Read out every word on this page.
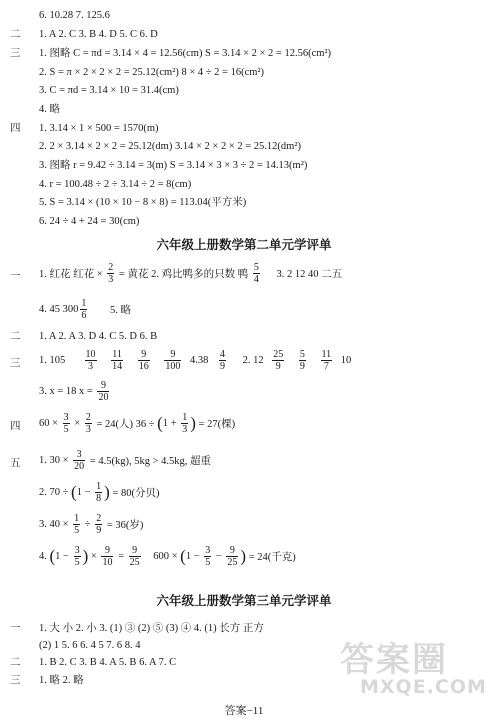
6. 10.28 7. 125.6
二 1. A 2. C 3. B 4. D 5. C 6. D
三 1. 图略 C = πd = 3.14 × 4 = 12.56(cm) S = 3.14 × 2 × 2 = 12.56(cm²)
2. S = π × 2 × 2 × 2 = 25.12(cm²) 8 × 4 ÷ 2 = 16(cm²)
3. C = πd = 3.14 × 10 = 31.4(cm)
4. 略
四 1. 3.14 × 1 × 500 = 1570(m)
2. 2 × 3.14 × 2 × 2 = 25.12(dm) 3.14 × 2 × 2 × 2 = 25.12(dm²)
3. 图略 r = 9.42 ÷ 3.14 = 3(m) S = 3.14 × 3 × 3 ÷ 2 = 14.13(m²)
4. r = 100.48 ÷ 2 ÷ 3.14 ÷ 2 = 8(cm)
5. S = 3.14 × (10 × 10 − 8 × 8) = 113.04(平方米)
6. 24 ÷ 4 + 24 = 30(cm)
六年级上册数学第二单元学评单
一 1. 红花 红花 × $\frac{2}{3}$ = 黄花 2. 鸡比鸭多的只数 鸭 $\frac{5}{4} 3$. 2 12 40 二五
4. 45 $300 \frac{1}{6} 5$. 略
二 1. A 2. A 3. D 4. C 5. D 6. B
三 1. $105 \frac{10}{3}$
$\frac{11}{14}$
$\frac{9}{16}$
$\frac{9}{100} 4.38 \frac{4}{9} 2$. $12 \frac{25}{9}$
$\frac{5}{9}$
$\frac{11}{7} 10$
3. x = 18 $x = \frac{9}{20}$
四 $60 \times \frac{3}{5} \times \frac{2}{3} = 24$(人) $36 \div (1 + \frac{1}{3}$ ) = 27(棵)
五 1. $30 \times \frac{3}{20} = 4.5(kg)$, 5kg > 4.5kg, 超重
2. $70 \div (1 - \frac{1}{8}$ ) = 80(分贝)
3. $40 \times \frac{1}{5} \div \frac{2}{9} = 36$(岁)
4. ($1 - \frac{3}{5}$ ) × $\frac{9}{10} = \frac{9}{25} 600 \times (1 - \frac{3}{5} - \frac{9}{25}$ ) = 24(千克)
六年级上册数学第三单元学评单
一 1. 大 小 2. 小 3. (1) ③ (2) ⑤ (3) ④ 4. (1) 长方 正方
(2) 1 5. 6 6. 4 5 7. 6 8. 4
二 1. B 2. C 3. B 4. A 5. B 6. A 7. C
三 1. 略 2. 略
答案圈
MXQE.COM
答案−11
